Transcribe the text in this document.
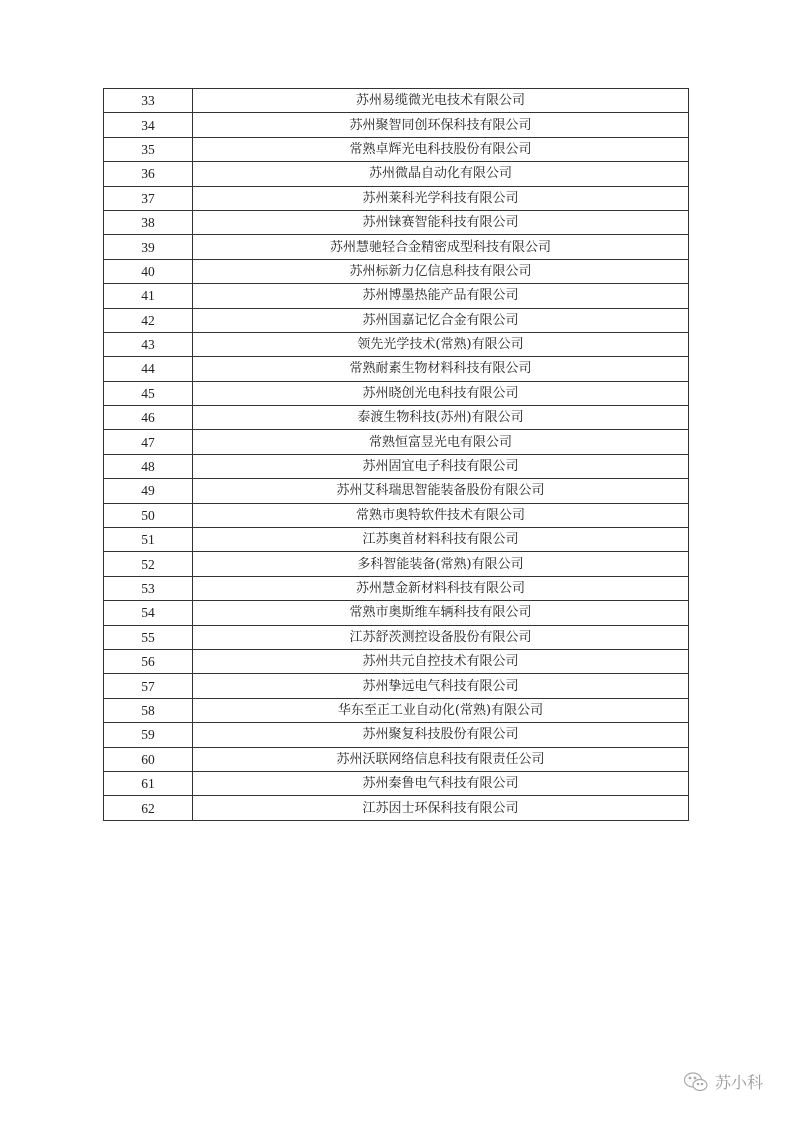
33	苏州易缆微光电技术有限公司
34	苏州聚智同创环保科技有限公司
35	常熟卓辉光电科技股份有限公司
36	苏州微晶自动化有限公司
37	苏州莱科光学科技有限公司
38	苏州铼赛智能科技有限公司
39	苏州慧驰轻合金精密成型科技有限公司
40	苏州标新力亿信息科技有限公司
41	苏州博墨热能产品有限公司
42	苏州国嘉记忆合金有限公司
43	领先光学技术(常熟)有限公司
44	常熟耐素生物材料科技有限公司
45	苏州晓创光电科技有限公司
46	泰渡生物科技(苏州)有限公司
47	常熟恒富昱光电有限公司
48	苏州固宜电子科技有限公司
49	苏州艾科瑞思智能装备股份有限公司
50	常熟市奥特软件技术有限公司
51	江苏奥首材料科技有限公司
52	多科智能装备(常熟)有限公司
53	苏州慧金新材料科技有限公司
54	常熟市奥斯维车辆科技有限公司
55	江苏舒茨测控设备股份有限公司
56	苏州共元自控技术有限公司
57	苏州挚远电气科技有限公司
58	华东至正工业自动化(常熟)有限公司
59	苏州聚复科技股份有限公司
60	苏州沃联网络信息科技有限责任公司
61	苏州秦鲁电气科技有限公司
62	江苏因士环保科技有限公司
苏小科
